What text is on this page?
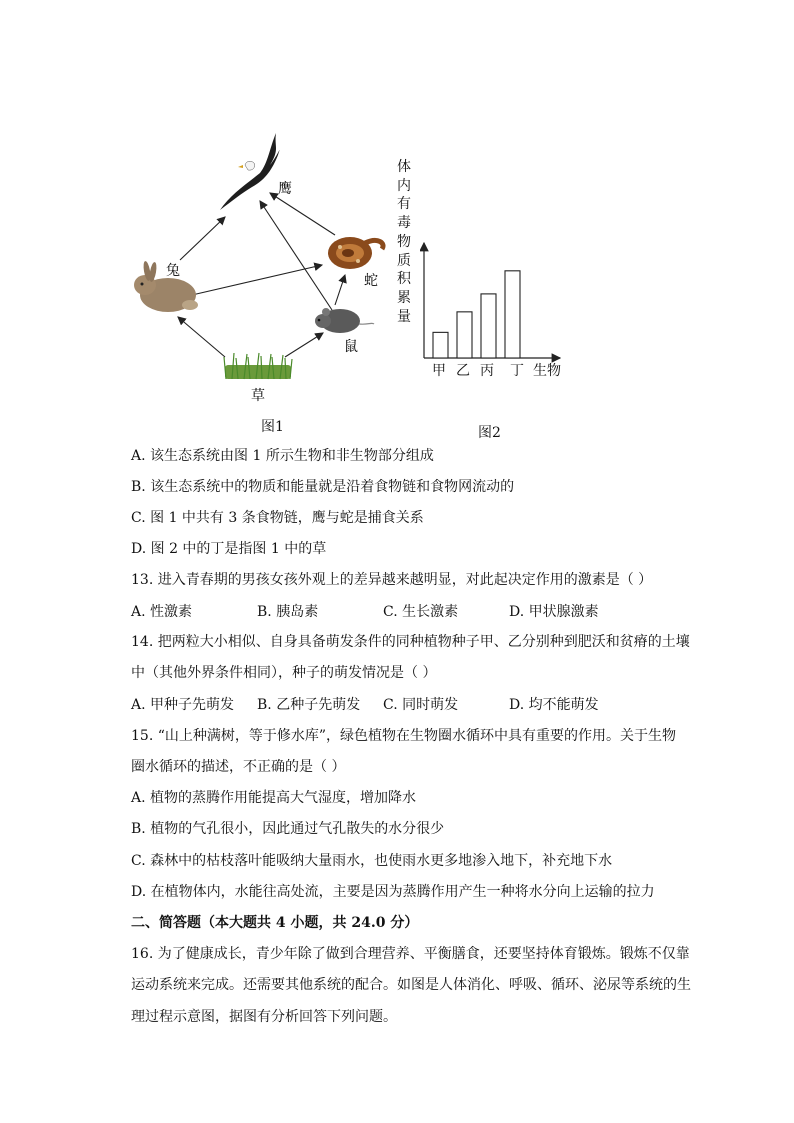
鹰
兔
蛇
鼠
草
图1
体
内
有
毒
物
质
积
累
量
甲 乙 丙 丁 生物
图2
A. 该生态系统由图 1 所示生物和非生物部分组成
B. 该生态系统中的物质和能量就是沿着食物链和食物网流动的
C. 图 1 中共有 3 条食物链，鹰与蛇是捕食关系
D. 图 2 中的丁是指图 1 中的草
13. 进入青春期的男孩女孩外观上的差异越来越明显，对此起决定作用的激素是（ ）
A. 性激素	B. 胰岛素	C. 生长激素	D. 甲状腺激素
14. 把两粒大小相似、自身具备萌发条件的同种植物种子甲、乙分别种到肥沃和贫瘠的土壤
中（其他外界条件相同），种子的萌发情况是（ ）
A. 甲种子先萌发 B. 乙种子先萌发 C. 同时萌发	D. 均不能萌发
15. “山上种满树，等于修水库”，绿色植物在生物圈水循环中具有重要的作用。关于生物
圈水循环的描述，不正确的是（ ）
A. 植物的蒸腾作用能提高大气湿度，增加降水
B. 植物的气孔很小，因此通过气孔散失的水分很少
C. 森林中的枯枝落叶能吸纳大量雨水，也使雨水更多地渗入地下，补充地下水
D. 在植物体内，水能往高处流，主要是因为蒸腾作用产生一种将水分向上运输的拉力
二、简答题（本大题共 4 小题，共 24.0 分）
16. 为了健康成长，青少年除了做到合理营养、平衡膳食，还要坚持体育锻炼。锻炼不仅靠
运动系统来完成。还需要其他系统的配合。如图是人体消化、呼吸、循环、泌尿等系统的生
理过程示意图，据图有分析回答下列问题。
